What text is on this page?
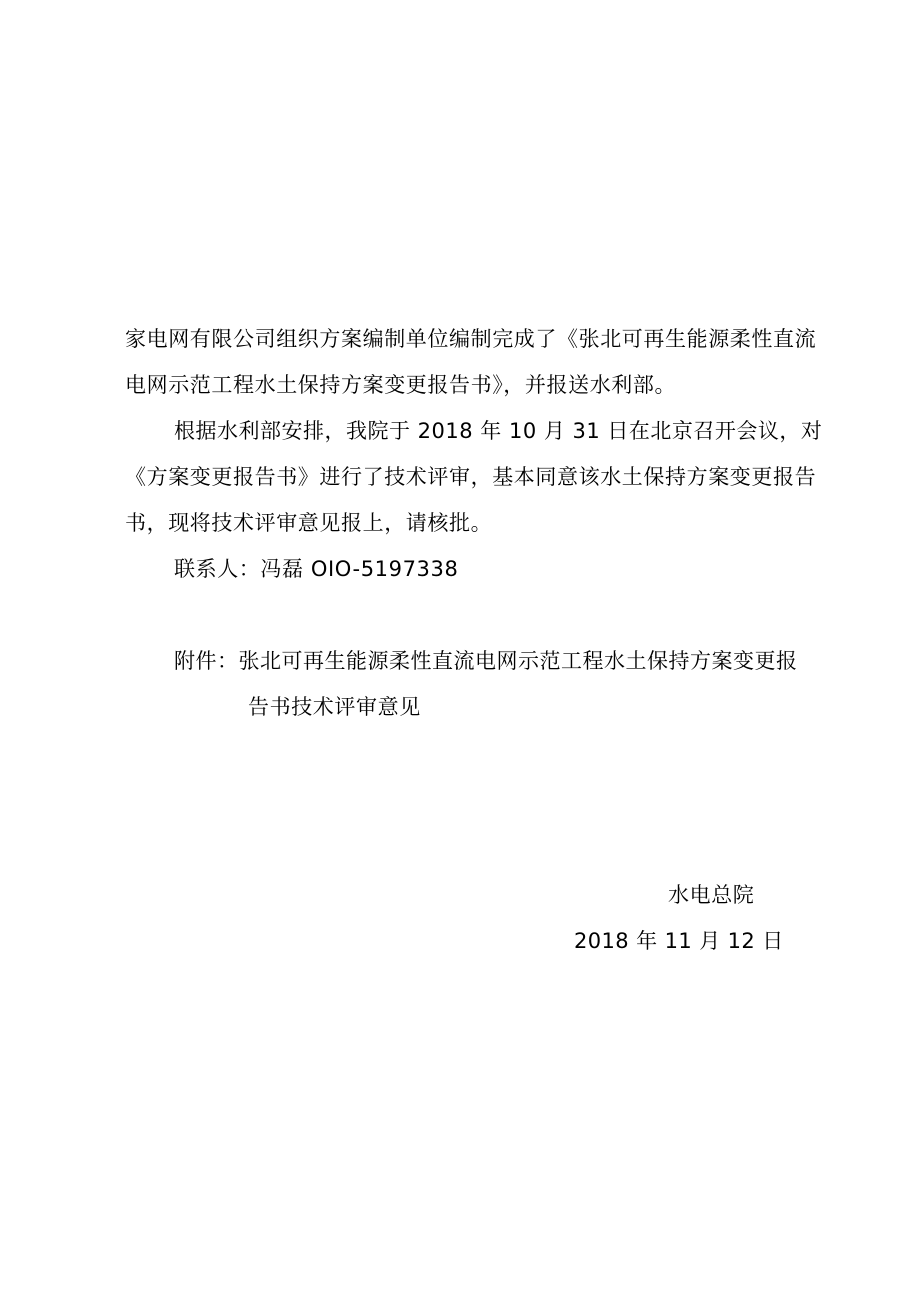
家电网有限公司组织方案编制单位编制完成了《张北可再生能源柔性直流
电网示范工程水土保持方案变更报告书》，并报送水利部。
根据水利部安排，我院于 2018 年 10 月 31 日在北京召开会议，对
《方案变更报告书》进行了技术评审，基本同意该水土保持方案变更报告
书，现将技术评审意见报上，请核批。
联系人：冯磊 OIO-5197338
附件：张北可再生能源柔性直流电网示范工程水土保持方案变更报
告书技术评审意见
水电总院
2018 年 11 月 12 日
